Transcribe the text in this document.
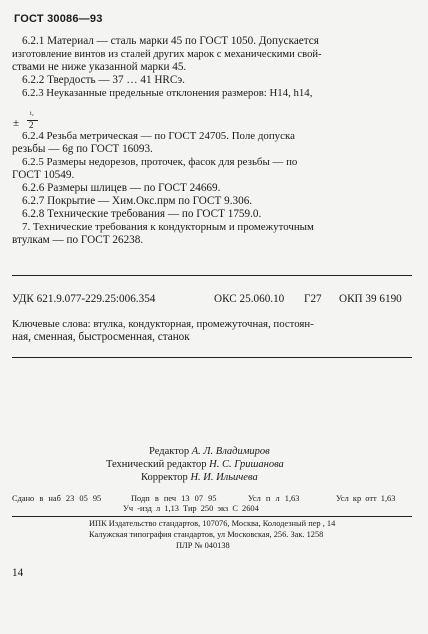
ГОСТ 30086—93
6.2.1 Материал — сталь марки 45 по ГОСТ 1050. Допускается
изготовление винтов из сталей других марок с механическими свой-
ствами не ниже указанной марки 45.
6.2.2 Твердость — 37 … 41 HRCэ.
6.2.3 Неуказанные предельные отклонения размеров: H14, h14,
±
t₂
2
6.2.4 Резьба метрическая — по ГОСТ 24705. Поле допуска
резьбы — 6g по ГОСТ 16093.
6.2.5 Размеры недорезов, проточек, фасок для резьбы — по
ГОСТ 10549.
6.2.6 Размеры шлицев — по ГОСТ 24669.
6.2.7 Покрытие — Хим.Окс.прм по ГОСТ 9.306.
6.2.8 Технические требования — по ГОСТ 1759.0.
7. Технические требования к кондукторным и промежуточным
втулкам — по ГОСТ 26238.
УДК 621.9.077-229.25:006.354	ОКС 25.060.10 Г27 ОКП 39 6190
Ключевые слова: втулка, кондукторная, промежуточная, постоян-
ная, сменная, быстросменная, станок
Редактор А. Л. Владимиров
Технический редактор Н. С. Гришанова
Корректор Н. И. Ильичева
Сдано в наб 23 05 95	Подп в печ 13 07 95	Усл п л 1,63	Усл кр отт 1,63
Уч -изд л 1,13 Тир 250 экз С 2604
ИПК Издательство стандартов, 107076, Москва, Колодезный пер , 14
Калужская типография стандартов, ул Московская, 256. Зак. 1258
ПЛР № 040138
14
